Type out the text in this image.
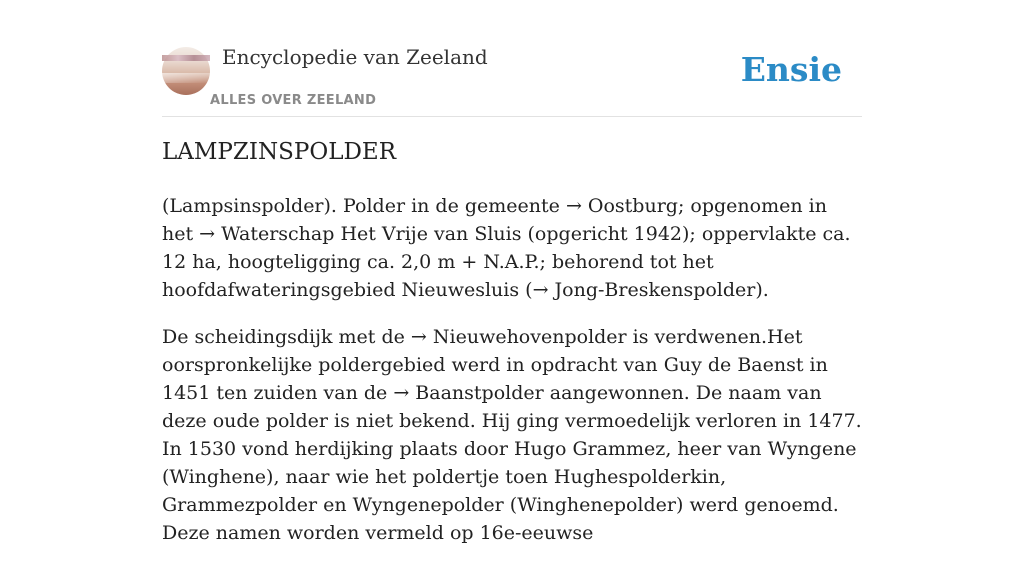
Encyclopedie van Zeeland
ALLES OVER ZEELAND
Ensie
LAMPZINSPOLDER

(Lampsinspolder). Polder in de gemeente → Oostburg; opgenomen in het → Waterschap Het Vrije van Sluis (opgericht 1942); oppervlakte ca. 12 ha, hoogteligging ca. 2,0 m + N.A.P.; behorend tot het hoofdafwateringsgebied Nieuwesluis (→ Jong-Breskenspolder).

De scheidingsdijk met de → Nieuwehovenpolder is verdwenen.Het oorspronkelijke poldergebied werd in opdracht van Guy de Baenst in 1451 ten zuiden van de → Baanstpolder aangewonnen. De naam van deze oude polder is niet bekend. Hij ging vermoedelijk verloren in 1477. In 1530 vond herdijking plaats door Hugo Grammez, heer van Wyngene (Winghene), naar wie het poldertje toen Hughespolderkin, Grammezpolder en Wyngenepolder (Winghenepolder) werd genoemd. Deze namen worden vermeld op 16e-eeuwse
